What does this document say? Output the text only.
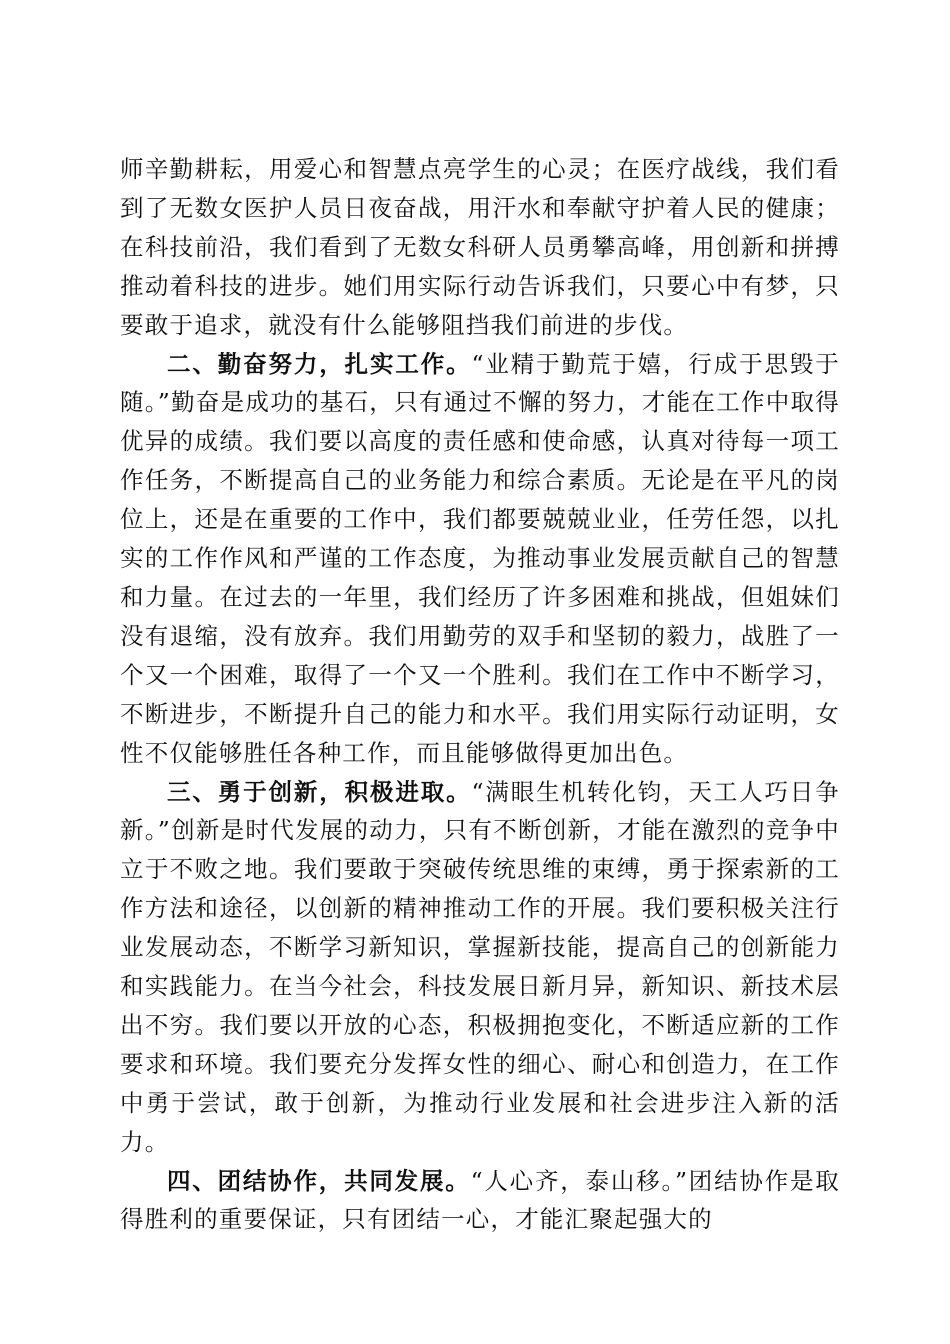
师辛勤耕耘，用爱心和智慧点亮学生的心灵；在医疗战线，我们看到了无数女医护人员日夜奋战，用汗水和奉献守护着人民的健康；在科技前沿，我们看到了无数女科研人员勇攀高峰，用创新和拼搏推动着科技的进步。她们用实际行动告诉我们，只要心中有梦，只要敢于追求，就没有什么能够阻挡我们前进的步伐。

二、勤奋努力，扎实工作。“业精于勤荒于嬉，行成于思毁于随。”勤奋是成功的基石，只有通过不懈的努力，才能在工作中取得优异的成绩。我们要以高度的责任感和使命感，认真对待每一项工作任务，不断提高自己的业务能力和综合素质。无论是在平凡的岗位上，还是在重要的工作中，我们都要兢兢业业，任劳任怨，以扎实的工作作风和严谨的工作态度，为推动事业发展贡献自己的智慧和力量。在过去的一年里，我们经历了许多困难和挑战，但姐妹们没有退缩，没有放弃。我们用勤劳的双手和坚韧的毅力，战胜了一个又一个困难，取得了一个又一个胜利。我们在工作中不断学习，不断进步，不断提升自己的能力和水平。我们用实际行动证明，女性不仅能够胜任各种工作，而且能够做得更加出色。

三、勇于创新，积极进取。“满眼生机转化钧，天工人巧日争新。”创新是时代发展的动力，只有不断创新，才能在激烈的竞争中立于不败之地。我们要敢于突破传统思维的束缚，勇于探索新的工作方法和途径，以创新的精神推动工作的开展。我们要积极关注行业发展动态，不断学习新知识，掌握新技能，提高自己的创新能力和实践能力。在当今社会，科技发展日新月异，新知识、新技术层出不穷。我们要以开放的心态，积极拥抱变化，不断适应新的工作要求和环境。我们要充分发挥女性的细心、耐心和创造力，在工作中勇于尝试，敢于创新，为推动行业发展和社会进步注入新的活力。

四、团结协作，共同发展。“人心齐，泰山移。”团结协作是取得胜利的重要保证，只有团结一心，才能汇聚起强大的
